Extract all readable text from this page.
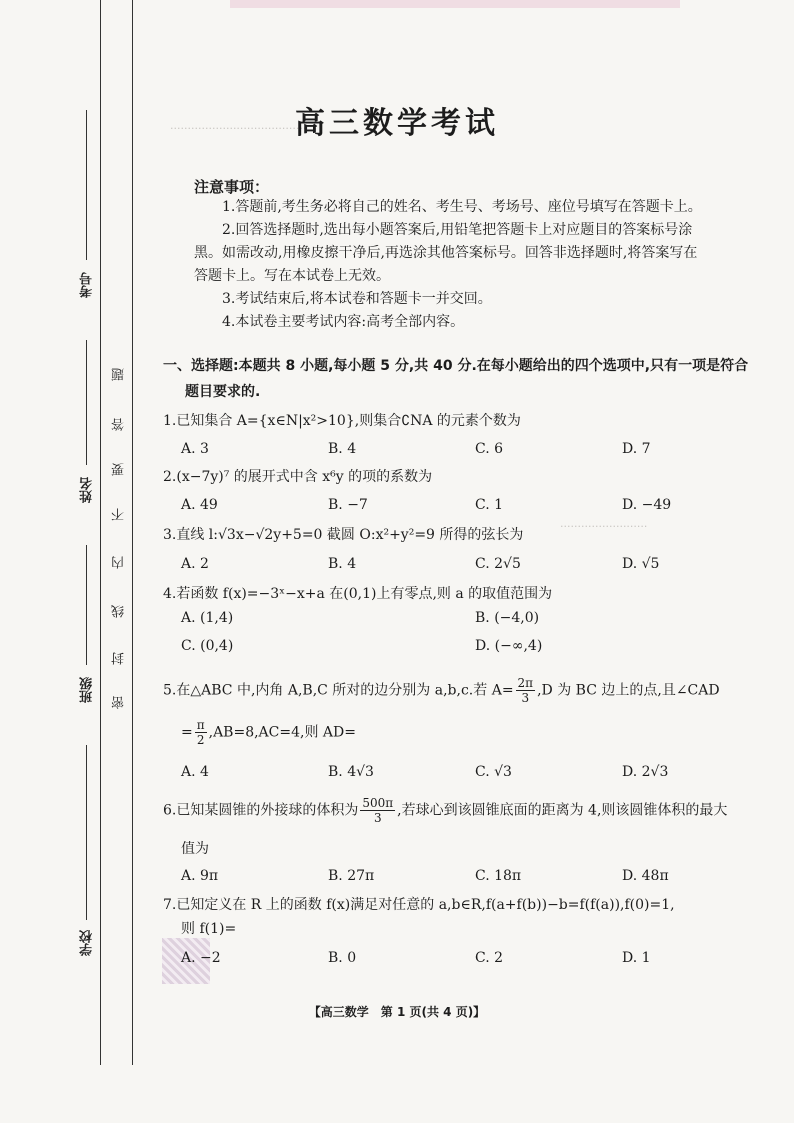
·······································
·························
考号
姓名
班级
学校
题
答
要
不
内
线
封
密
高三数学考试
注意事项：
1.答题前,考生务必将自己的姓名、考生号、考场号、座位号填写在答题卡上。
2.回答选择题时,选出每小题答案后,用铅笔把答题卡上对应题目的答案标号涂
黑。如需改动,用橡皮擦干净后,再选涂其他答案标号。回答非选择题时,将答案写在
答题卡上。写在本试卷上无效。
3.考试结束后,将本试卷和答题卡一并交回。
4.本试卷主要考试内容:高考全部内容。
一、选择题:本题共 8 小题,每小题 5 分,共 40 分.在每小题给出的四个选项中,只有一项是符合
题目要求的.
1.已知集合 A={x∈N|x²>10},则集合∁NA 的元素个数为
A. 3	B. 4	C. 6	D. 7
2.(x−7y)⁷ 的展开式中含 x⁶y 的项的系数为
A. 49	B. −7	C. 1	D. −49
3.直线 l:√3x−√2y+5=0 截圆 O:x²+y²=9 所得的弦长为
A. 2	B. 4	C. 2√5	D. √5
4.若函数 f(x)=−3ˣ−x+a 在(0,1)上有零点,则 a 的取值范围为
A. (1,4)	B. (−4,0)
C. (0,4)	D. (−∞,4)
5.在△ABC 中,内角 A,B,C 所对的边分别为 a,b,c.若 $A= \frac{2\pi}{3} ,D$ 为 BC 边上的点,且∠CAD
= $\frac{\pi}{2} ,AB=8,AC=4$,则 AD=
A. 4	B. 4√3	C. √3	D. 2√3
6.已知某圆锥的外接球的体积为 $\frac{500\pi}{3}$ ,若球心到该圆锥底面的距离为 4,则该圆锥体积的最大
值为
A. 9π	B. 27π	C. 18π	D. 48π
7.已知定义在 R 上的函数 f(x)满足对任意的 a,b∈R,f(a+f(b))−b=f(f(a)),f(0)=1,
则 f(1)=
A. −2	B. 0	C. 2	D. 1
【高三数学　第 1 页(共 4 页)】
